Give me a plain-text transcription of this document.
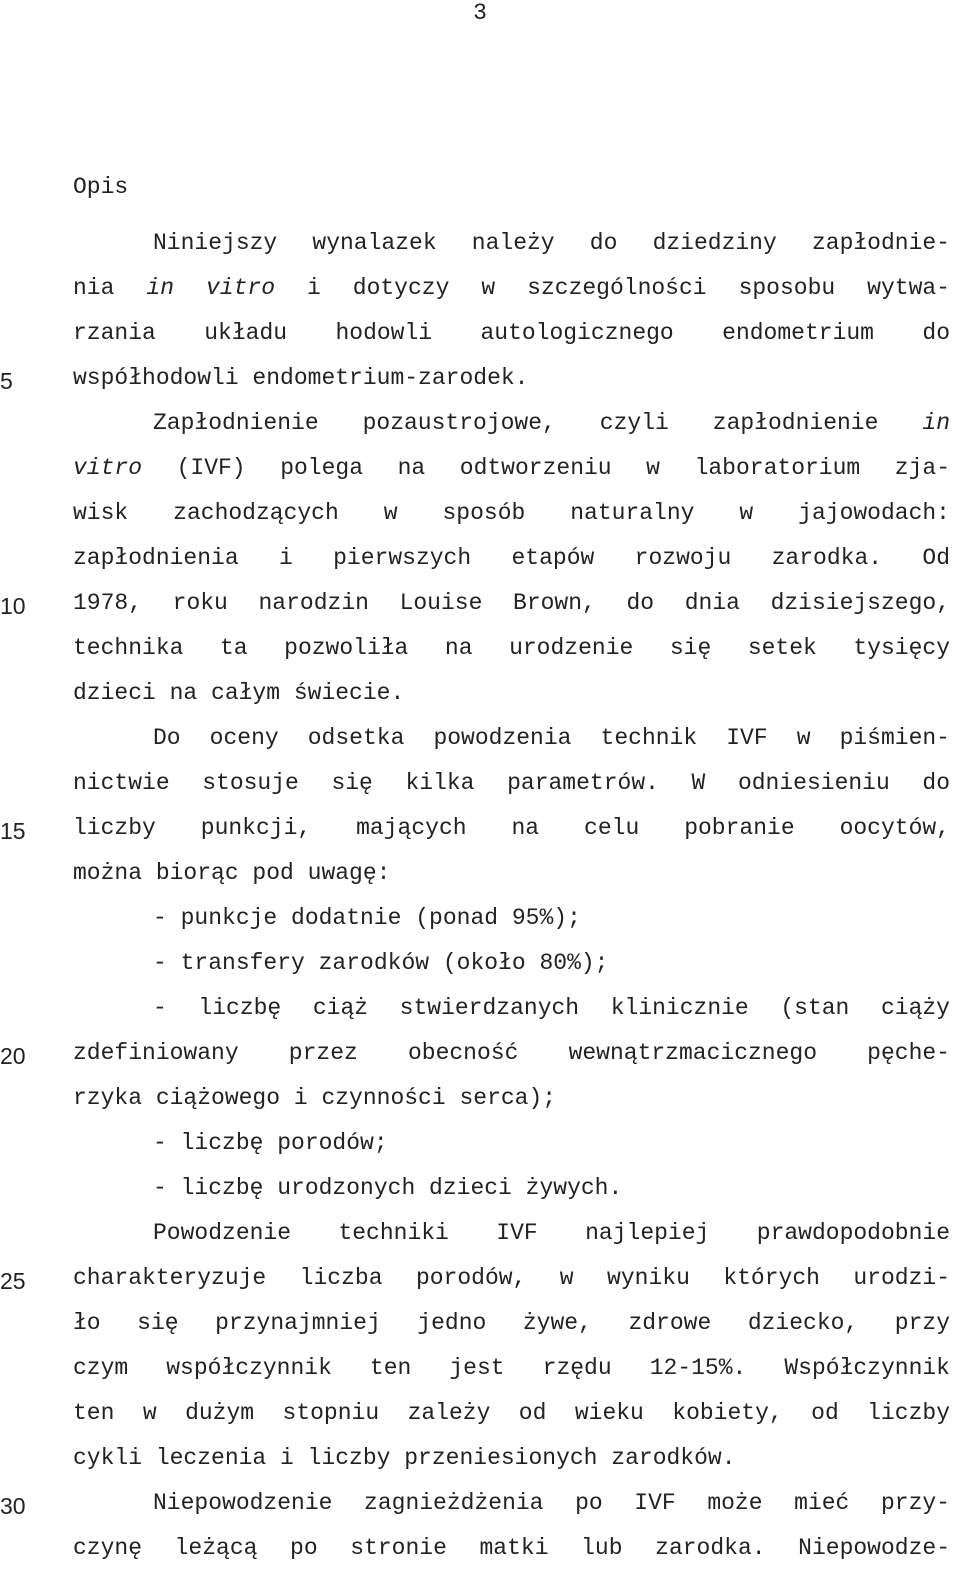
3
Opis
Niniejszy wynalazek należy do dziedziny zapłodnie-
nia in vitro i dotyczy w szczególności sposobu wytwa-
rzania układu hodowli autologicznego endometrium do
współhodowli endometrium-zarodek.
Zapłodnienie pozaustrojowe, czyli zapłodnienie in
vitro (IVF) polega na odtworzeniu w laboratorium zja-
wisk zachodzących w sposób naturalny w jajowodach:
zapłodnienia i pierwszych etapów rozwoju zarodka. Od
1978, roku narodzin Louise Brown, do dnia dzisiejszego,
technika ta pozwoliła na urodzenie się setek tysięcy
dzieci na całym świecie.
Do oceny odsetka powodzenia technik IVF w piśmien-
nictwie stosuje się kilka parametrów. W odniesieniu do
liczby punkcji, mających na celu pobranie oocytów,
można biorąc pod uwagę:
- punkcje dodatnie (ponad 95%);
- transfery zarodków (około 80%);
- liczbę ciąż stwierdzanych klinicznie (stan ciąży
zdefiniowany przez obecność wewnątrzmacicznego pęche-
rzyka ciążowego i czynności serca);
- liczbę porodów;
- liczbę urodzonych dzieci żywych.
Powodzenie techniki IVF najlepiej prawdopodobnie
charakteryzuje liczba porodów, w wyniku których urodzi-
ło się przynajmniej jedno żywe, zdrowe dziecko, przy
czym współczynnik ten jest rzędu 12-15%. Współczynnik
ten w dużym stopniu zależy od wieku kobiety, od liczby
cykli leczenia i liczby przeniesionych zarodków.
Niepowodzenie zagnieżdżenia po IVF może mieć przy-
czynę leżącą po stronie matki lub zarodka. Niepowodze-
5
10
15
20
25
30
